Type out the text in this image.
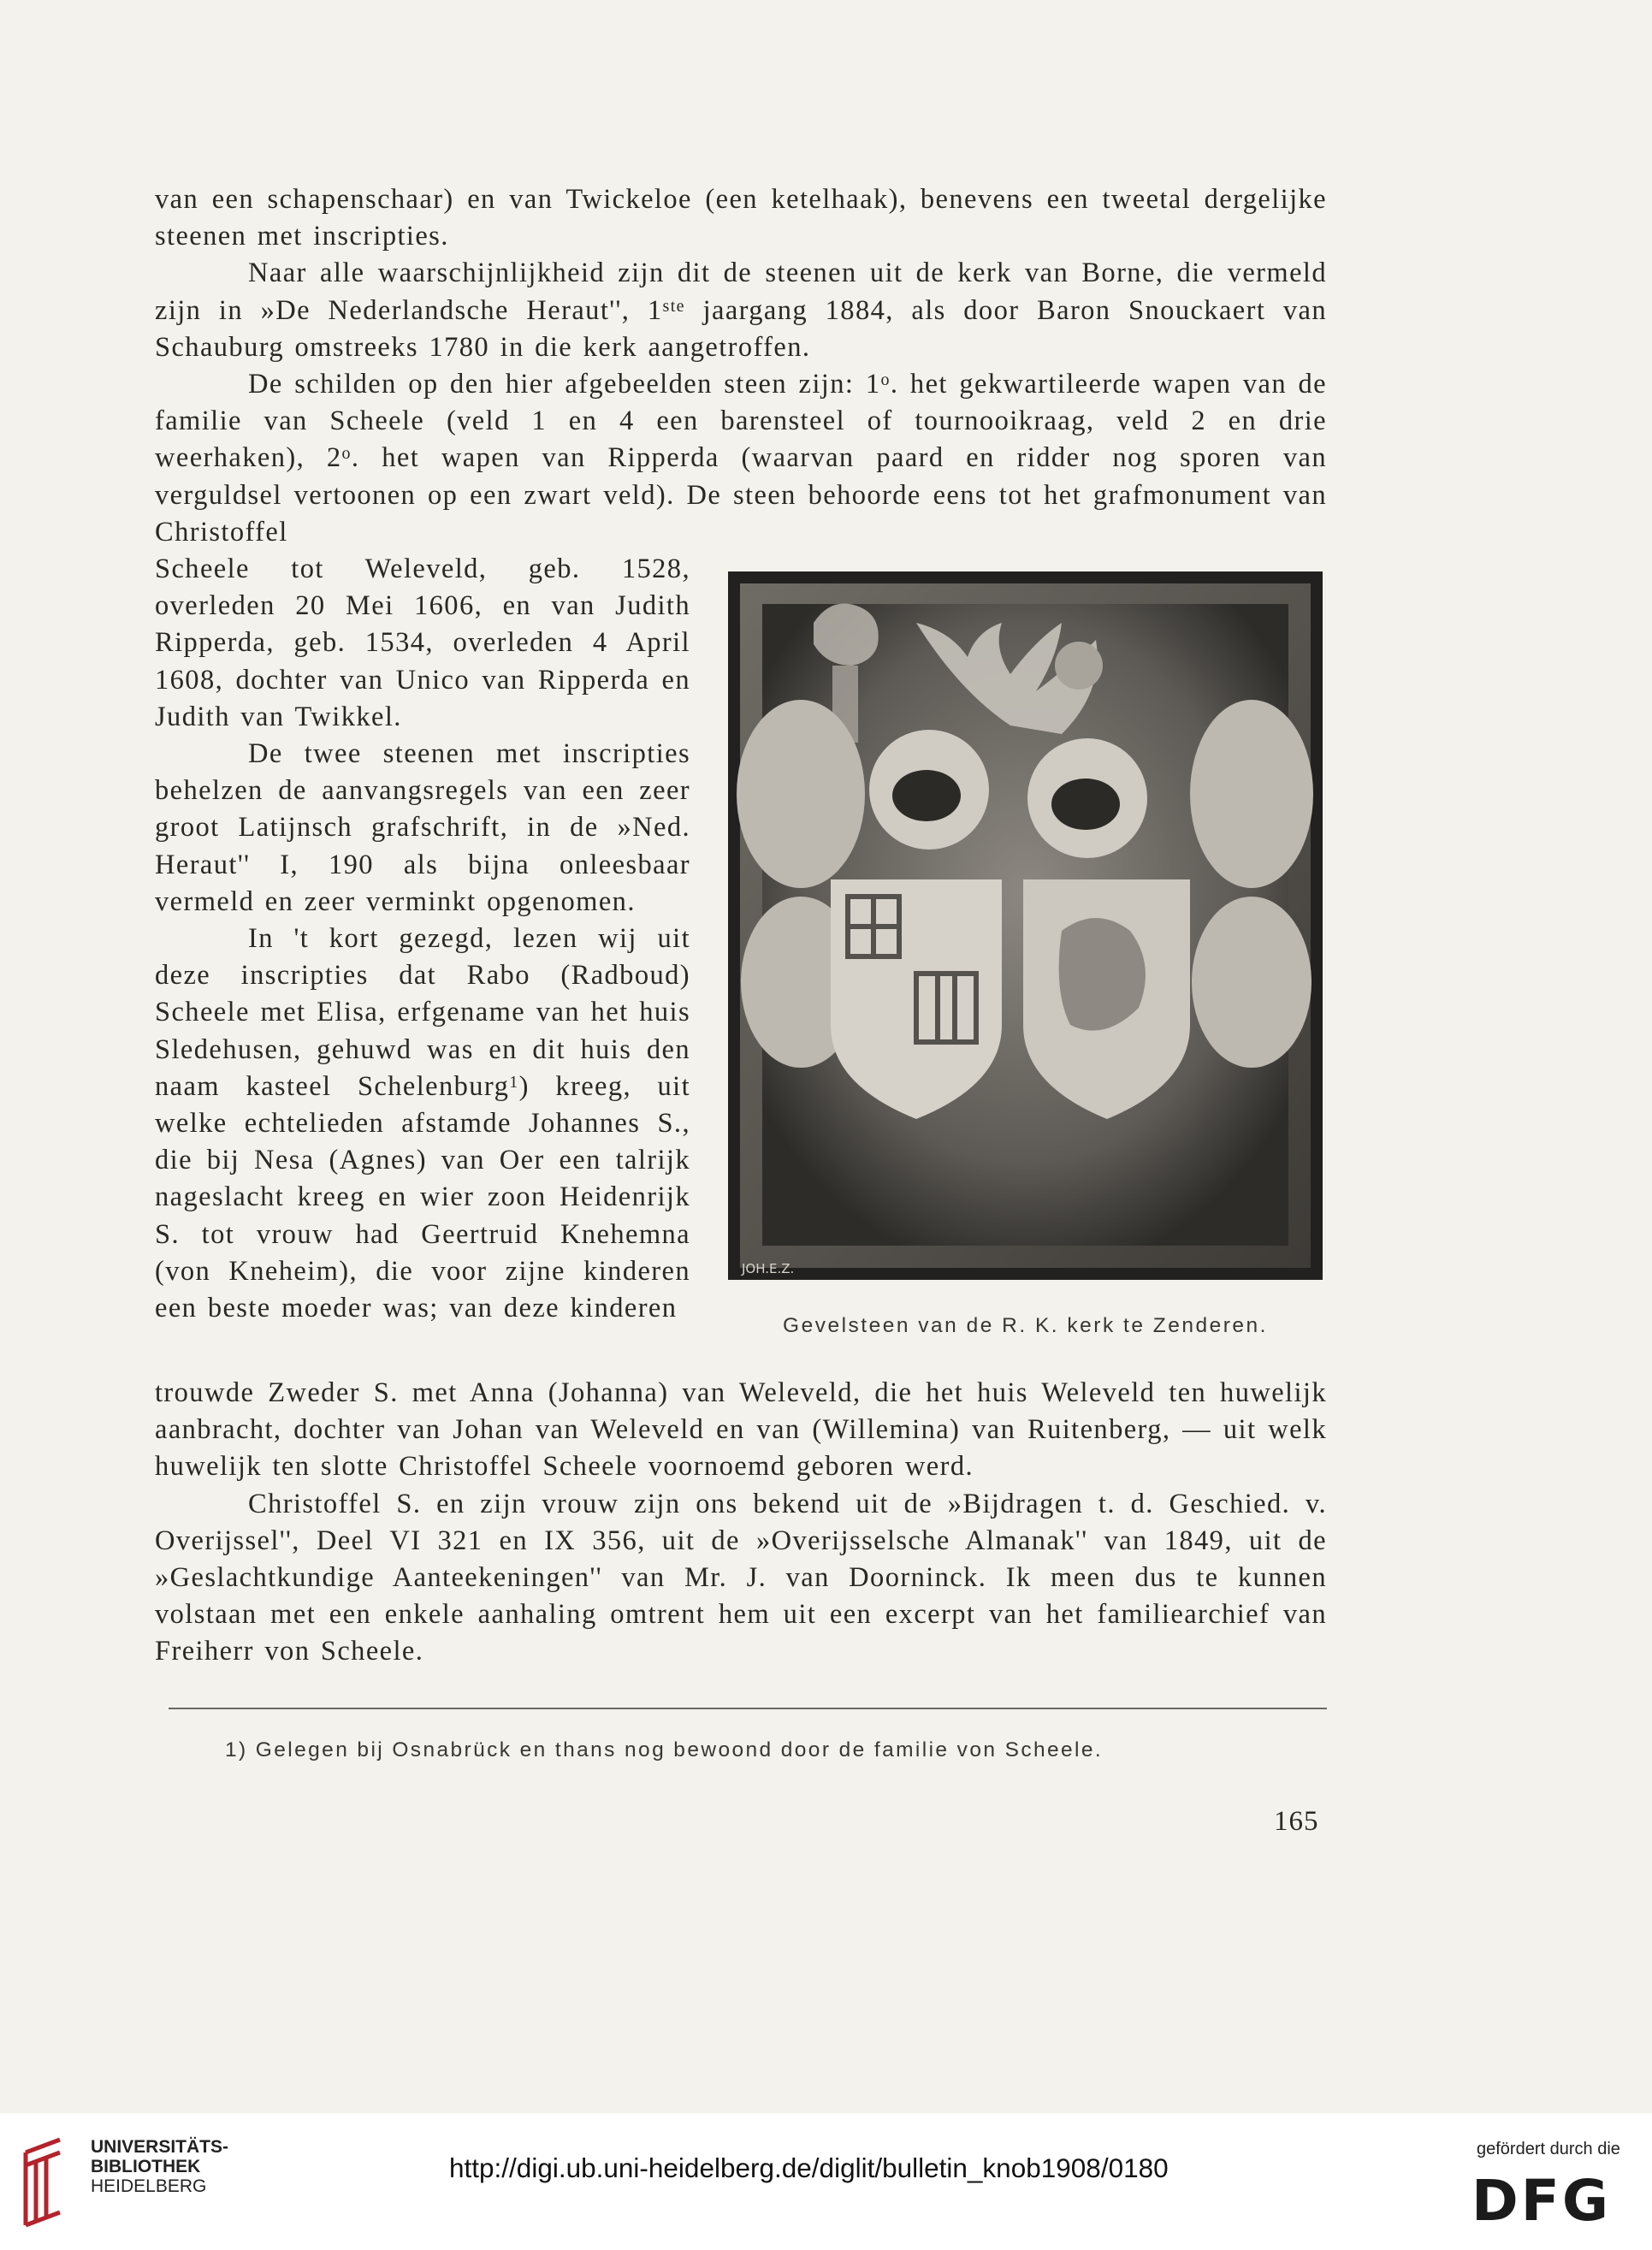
van een schapenschaar) en van Twickeloe (een ketelhaak), benevens een tweetal dergelijke steenen met inscripties.

Naar alle waarschijnlijkheid zijn dit de steenen uit de kerk van Borne, die vermeld zijn in »De Nederlandsche Heraut'', 1ste jaargang 1884, als door Baron Snouckaert van Schauburg omstreeks 1780 in die kerk aangetroffen.

De schilden op den hier afgebeelden steen zijn: 1$^o$. het gekwartileerde wapen van de familie van Scheele (veld 1 en 4 een barensteel of tournooikraag, veld 2 en drie weerhaken), 2$^o$. het wapen van Ripperda (waarvan paard en ridder nog sporen van verguldsel vertoonen op een zwart veld). De steen behoorde eens tot het grafmonument van Christoffel

Scheele tot Weleveld, geb. 1528, overleden 20 Mei 1606, en van Judith Ripperda, geb. 1534, overleden 4 April 1608, dochter van Unico van Ripperda en Judith van Twikkel.

De twee steenen met inscripties behelzen de aanvangsregels van een zeer groot Latijnsch grafschrift, in de »Ned. Heraut'' I, 190 als bijna onleesbaar vermeld en zeer verminkt opgenomen.

In 't kort gezegd, lezen wij uit deze inscripties dat Rabo (Radboud) Scheele met Elisa, erfgename van het huis Sledehusen, gehuwd was en dit huis den naam kasteel Schelenburg$^1$) kreeg, uit welke echtelieden afstamde Johannes S., die bij Nesa (Agnes) van Oer een talrijk nageslacht kreeg en wier zoon Heidenrijk S. tot vrouw had Geertruid Knehemna (von Kneheim), die voor zijne kinderen een beste moeder was; van deze kinderen

JOH.E.Z.
Gevelsteen van de R. K. kerk te Zenderen.

trouwde Zweder S. met Anna (Johanna) van Weleveld, die het huis Weleveld ten huwelijk aanbracht, dochter van Johan van Weleveld en van (Willemina) van Ruitenberg, — uit welk huwelijk ten slotte Christoffel Scheele voornoemd geboren werd.

Christoffel S. en zijn vrouw zijn ons bekend uit de »Bijdragen t. d. Geschied. v. Overijssel'', Deel VI 321 en IX 356, uit de »Overijsselsche Almanak'' van 1849, uit de »Geslachtkundige Aanteekeningen'' van Mr. J. van Doorninck. Ik meen dus te kunnen volstaan met een enkele aanhaling omtrent hem uit een excerpt van het familiearchief van Freiherr von Scheele.

1) Gelegen bij Osnabrück en thans nog bewoond door de familie von Scheele.
165
UNIVERSITÄTS-
BIBLIOTHEK
HEIDELBERG
http://digi.ub.uni-heidelberg.de/diglit/bulletin_knob1908/0180
gefördert durch die
DFG
